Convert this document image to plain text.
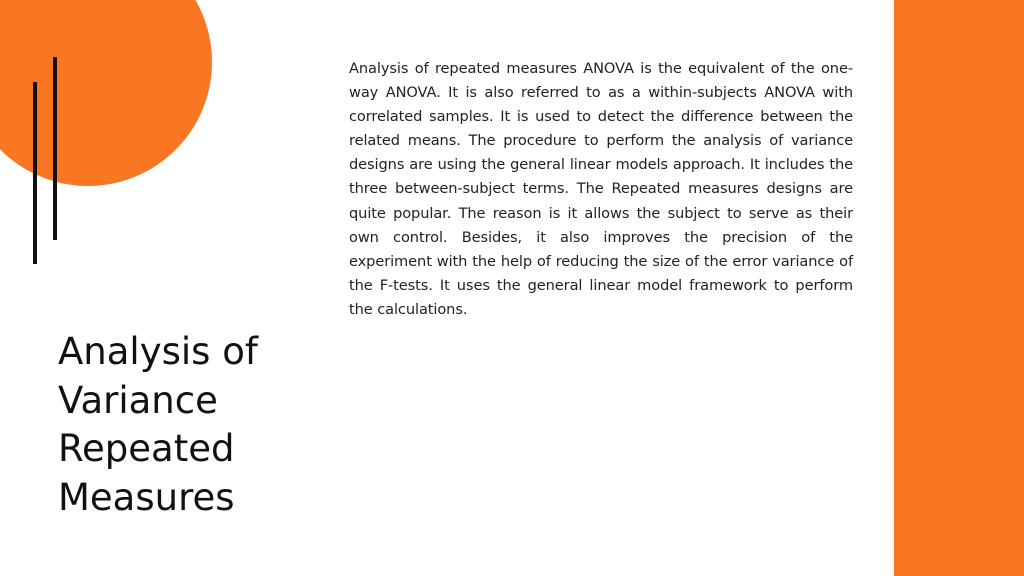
Analysis of repeated measures ANOVA is the equivalent of the one-way ANOVA. It is also referred to as a within-subjects ANOVA with correlated samples. It is used to detect the difference between the related means. The procedure to perform the analysis of variance designs are using the general linear models approach. It includes the three between-subject terms. The Repeated measures designs are quite popular. The reason is it allows the subject to serve as their own control. Besides, it also improves the precision of the experiment with the help of reducing the size of the error variance of the F-tests. It uses the general linear model framework to perform the calculations.

Analysis of
Variance
Repeated
Measures
